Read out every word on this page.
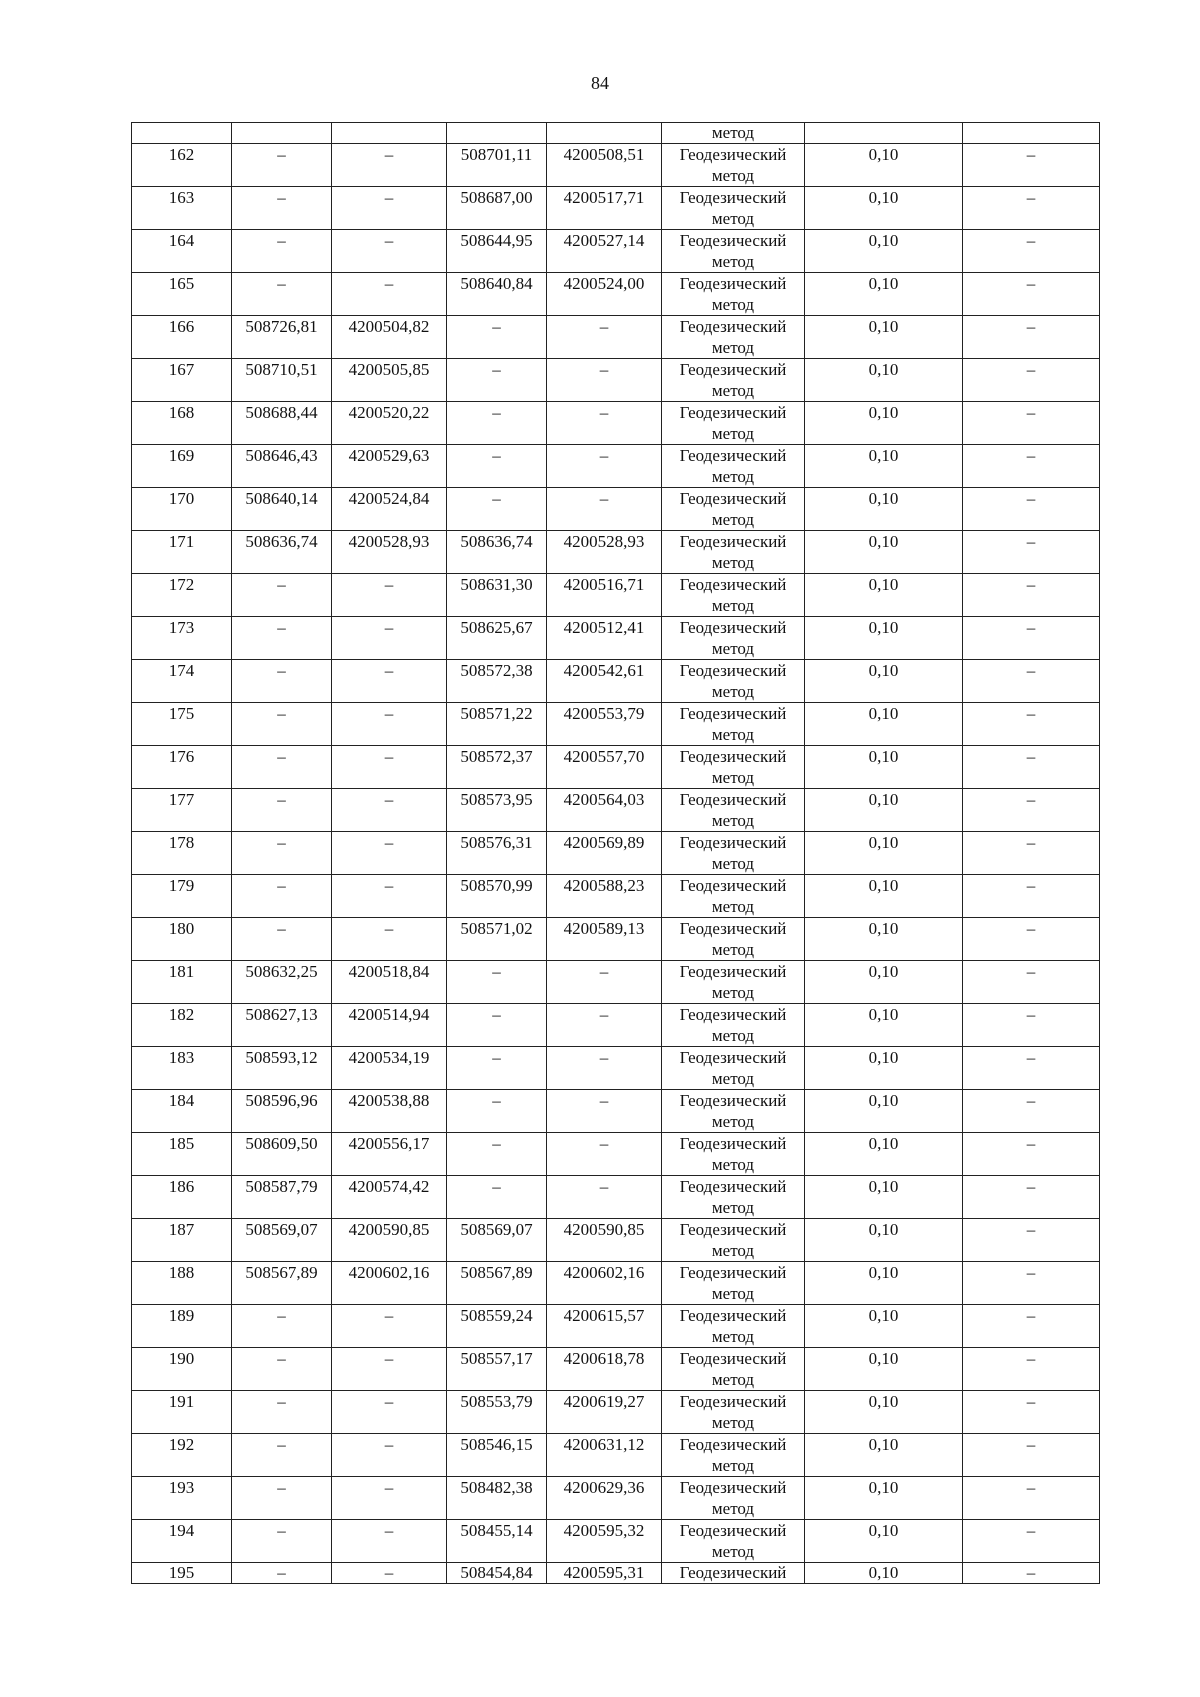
84
					метод		
162	–	–	508701,11	4200508,51	Геодезический
метод	0,10	–
163	–	–	508687,00	4200517,71	Геодезический
метод	0,10	–
164	–	–	508644,95	4200527,14	Геодезический
метод	0,10	–
165	–	–	508640,84	4200524,00	Геодезический
метод	0,10	–
166	508726,81	4200504,82	–	–	Геодезический
метод	0,10	–
167	508710,51	4200505,85	–	–	Геодезический
метод	0,10	–
168	508688,44	4200520,22	–	–	Геодезический
метод	0,10	–
169	508646,43	4200529,63	–	–	Геодезический
метод	0,10	–
170	508640,14	4200524,84	–	–	Геодезический
метод	0,10	–
171	508636,74	4200528,93	508636,74	4200528,93	Геодезический
метод	0,10	–
172	–	–	508631,30	4200516,71	Геодезический
метод	0,10	–
173	–	–	508625,67	4200512,41	Геодезический
метод	0,10	–
174	–	–	508572,38	4200542,61	Геодезический
метод	0,10	–
175	–	–	508571,22	4200553,79	Геодезический
метод	0,10	–
176	–	–	508572,37	4200557,70	Геодезический
метод	0,10	–
177	–	–	508573,95	4200564,03	Геодезический
метод	0,10	–
178	–	–	508576,31	4200569,89	Геодезический
метод	0,10	–
179	–	–	508570,99	4200588,23	Геодезический
метод	0,10	–
180	–	–	508571,02	4200589,13	Геодезический
метод	0,10	–
181	508632,25	4200518,84	–	–	Геодезический
метод	0,10	–
182	508627,13	4200514,94	–	–	Геодезический
метод	0,10	–
183	508593,12	4200534,19	–	–	Геодезический
метод	0,10	–
184	508596,96	4200538,88	–	–	Геодезический
метод	0,10	–
185	508609,50	4200556,17	–	–	Геодезический
метод	0,10	–
186	508587,79	4200574,42	–	–	Геодезический
метод	0,10	–
187	508569,07	4200590,85	508569,07	4200590,85	Геодезический
метод	0,10	–
188	508567,89	4200602,16	508567,89	4200602,16	Геодезический
метод	0,10	–
189	–	–	508559,24	4200615,57	Геодезический
метод	0,10	–
190	–	–	508557,17	4200618,78	Геодезический
метод	0,10	–
191	–	–	508553,79	4200619,27	Геодезический
метод	0,10	–
192	–	–	508546,15	4200631,12	Геодезический
метод	0,10	–
193	–	–	508482,38	4200629,36	Геодезический
метод	0,10	–
194	–	–	508455,14	4200595,32	Геодезический
метод	0,10	–
195	–	–	508454,84	4200595,31	Геодезический	0,10	–
